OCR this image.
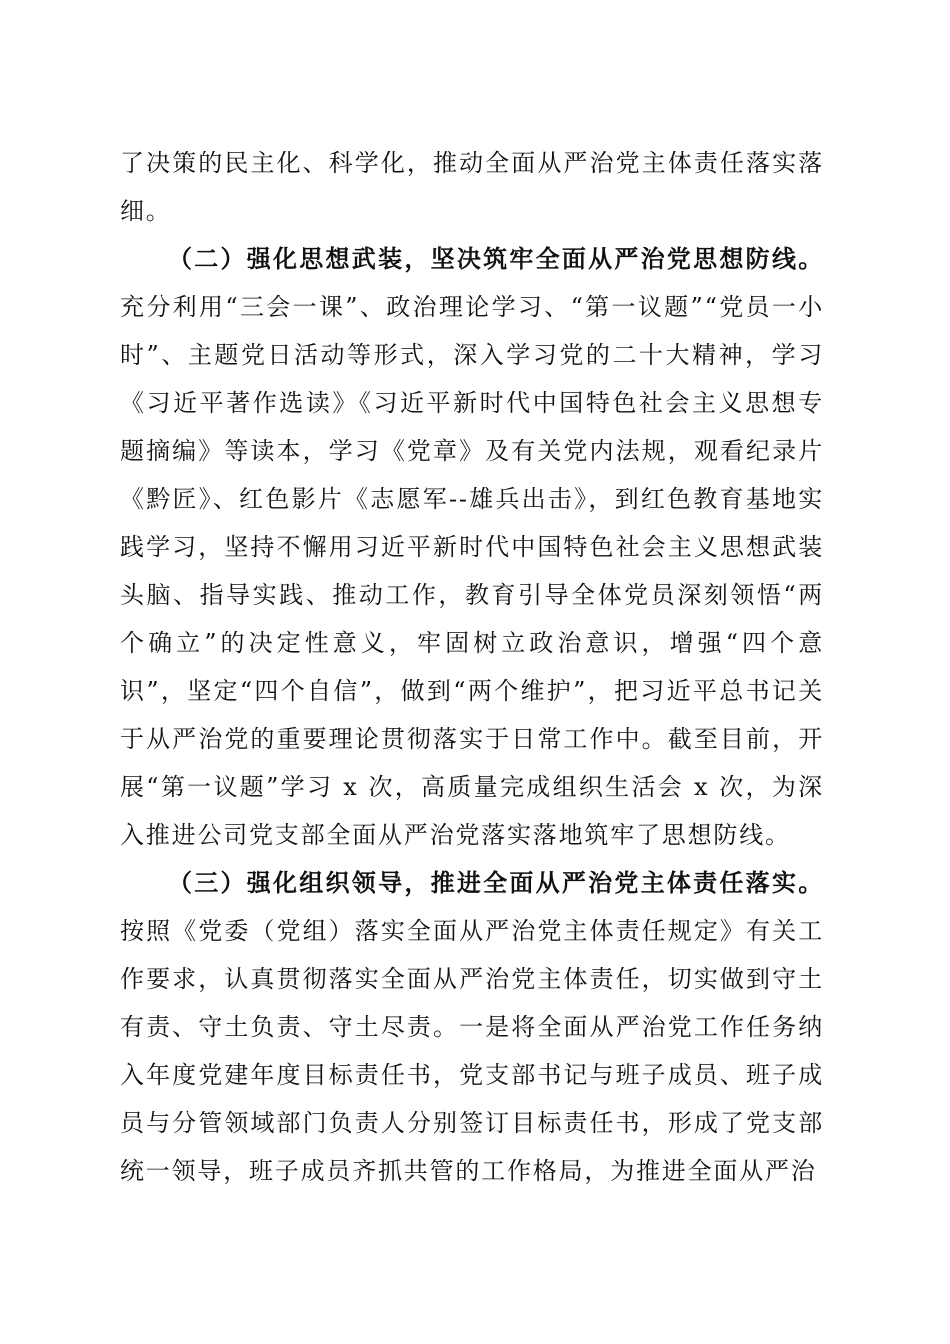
了决策的民主化、科学化，推动全面从严治党主体责任落实落细。

（二）强化思想武装，坚决筑牢全面从严治党思想防线。充分利用“三会一课”、政治理论学习、“第一议题”“党员一小时”、主题党日活动等形式，深入学习党的二十大精神，学习《习近平著作选读》《习近平新时代中国特色社会主义思想专题摘编》等读本，学习《党章》及有关党内法规，观看纪录片《黔匠》、红色影片《志愿军--雄兵出击》，到红色教育基地实践学习，坚持不懈用习近平新时代中国特色社会主义思想武装头脑、指导实践、推动工作，教育引导全体党员深刻领悟“两个确立”的决定性意义，牢固树立政治意识，增强“四个意识”，坚定“四个自信”，做到“两个维护”，把习近平总书记关于从严治党的重要理论贯彻落实于日常工作中。截至目前，开展“第一议题”学习 x 次，高质量完成组织生活会 x 次，为深入推进公司党支部全面从严治党落实落地筑牢了思想防线。

（三）强化组织领导，推进全面从严治党主体责任落实。按照《党委（党组）落实全面从严治党主体责任规定》有关工作要求，认真贯彻落实全面从严治党主体责任，切实做到守土有责、守土负责、守土尽责。一是将全面从严治党工作任务纳入年度党建年度目标责任书，党支部书记与班子成员、班子成员与分管领域部门负责人分别签订目标责任书，形成了党支部统一领导，班子成员齐抓共管的工作格局，为推进全面从严治
